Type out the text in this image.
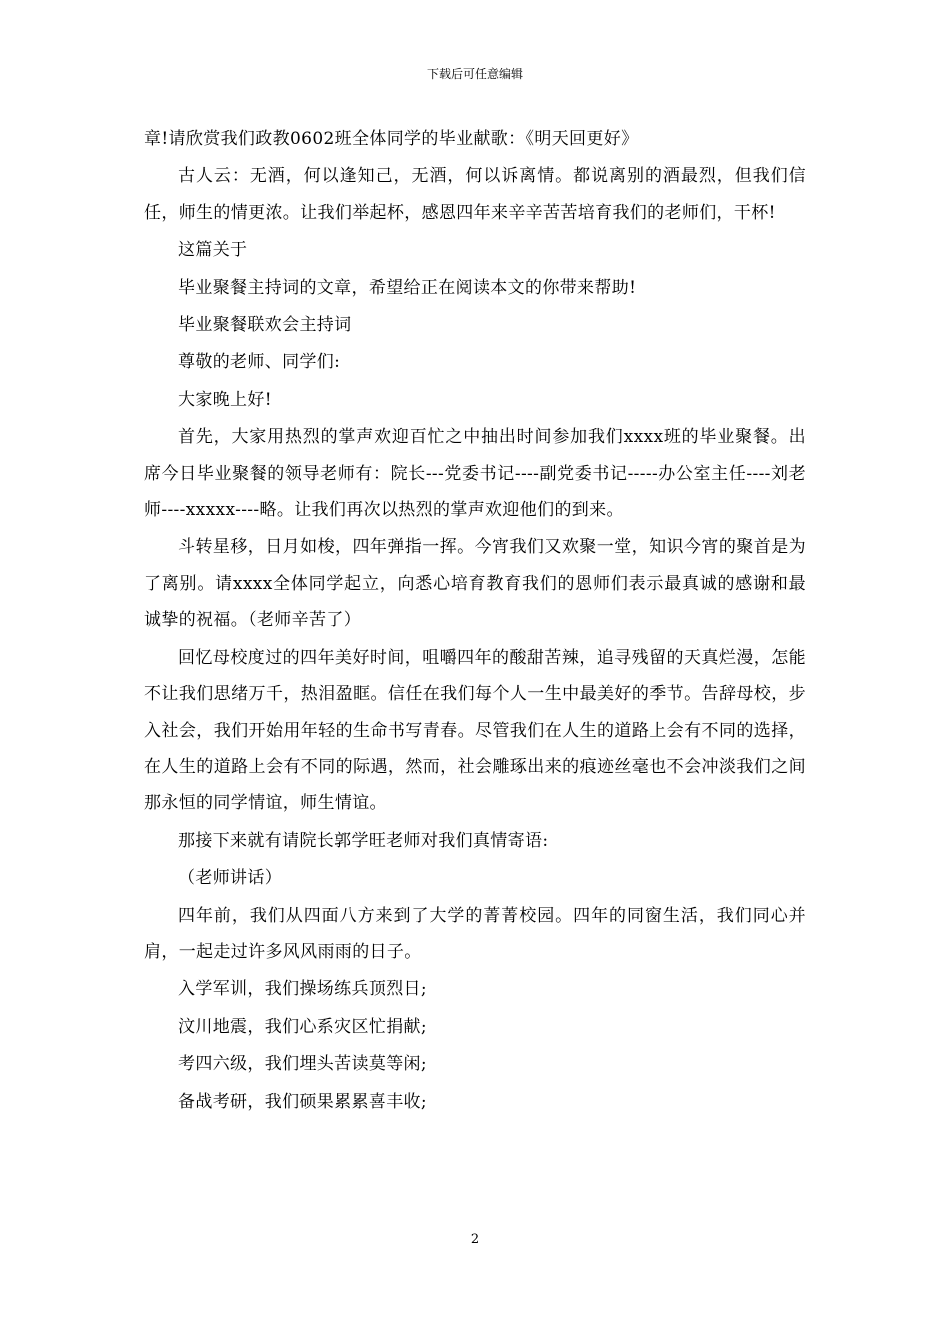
下载后可任意编辑

章!请欣赏我们政教0602班全体同学的毕业献歌：《明天回更好》

古人云：无酒，何以逢知己，无酒，何以诉离情。都说离别的酒最烈，但我们信任，师生的情更浓。让我们举起杯，感恩四年来辛辛苦苦培育我们的老师们，干杯!

这篇关于

毕业聚餐主持词的文章，希望给正在阅读本文的你带来帮助!

毕业聚餐联欢会主持词

尊敬的老师、同学们:

大家晚上好!

首先，大家用热烈的掌声欢迎百忙之中抽出时间参加我们xxxx班的毕业聚餐。出席今日毕业聚餐的领导老师有：院长---党委书记----副党委书记-----办公室主任----刘老师----xxxxx----略。让我们再次以热烈的掌声欢迎他们的到来。

斗转星移，日月如梭，四年弹指一挥。今宵我们又欢聚一堂，知识今宵的聚首是为了离别。请xxxx全体同学起立，向悉心培育教育我们的恩师们表示最真诚的感谢和最诚挚的祝福。（老师辛苦了）

回忆母校度过的四年美好时间，咀嚼四年的酸甜苦辣，追寻残留的天真烂漫，怎能不让我们思绪万千，热泪盈眶。信任在我们每个人一生中最美好的季节。告辞母校，步入社会，我们开始用年轻的生命书写青春。尽管我们在人生的道路上会有不同的选择，在人生的道路上会有不同的际遇，然而，社会雕琢出来的痕迹丝毫也不会冲淡我们之间那永恒的同学情谊，师生情谊。

那接下来就有请院长郭学旺老师对我们真情寄语:

（老师讲话）

四年前，我们从四面八方来到了大学的菁菁校园。四年的同窗生活，我们同心并肩，一起走过许多风风雨雨的日子。

入学军训，我们操场练兵顶烈日;

汶川地震，我们心系灾区忙捐献;

考四六级，我们埋头苦读莫等闲;

备战考研，我们硕果累累喜丰收;

2
